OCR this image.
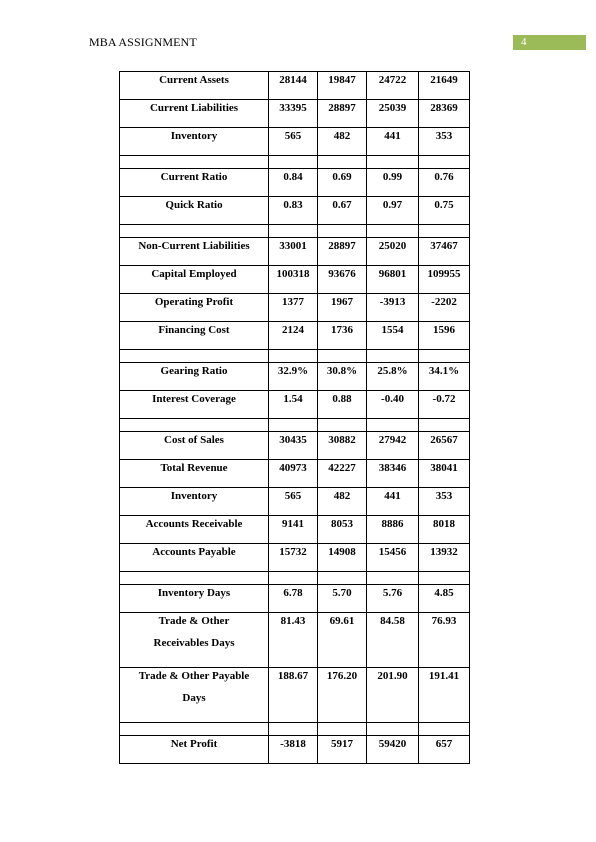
MBA ASSIGNMENT	4
Current Assets	28144	19847	24722	21649

Current Liabilities	33395	28897	25039	28369

Inventory	565	482	441	353

Current Ratio	0.84	0.69	0.99	0.76

Quick Ratio	0.83	0.67	0.97	0.75

Non-Current Liabilities	33001	28897	25020	37467

Capital Employed	100318	93676	96801	109955

Operating Profit	1377	1967	-3913	-2202

Financing Cost	2124	1736	1554	1596

Gearing Ratio	32.9%	30.8%	25.8%	34.1%

Interest Coverage	1.54	0.88	-0.40	-0.72

Cost of Sales	30435	30882	27942	26567

Total Revenue	40973	42227	38346	38041

Inventory	565	482	441	353

Accounts Receivable	9141	8053	8886	8018

Accounts Payable	15732	14908	15456	13932

Inventory Days	6.78	5.70	5.76	4.85

Trade & Other
Receivables Days	81.43	69.61	84.58	76.93

Trade & Other Payable
Days	188.67	176.20	201.90	191.41

Net Profit	-3818	5917	59420	657
